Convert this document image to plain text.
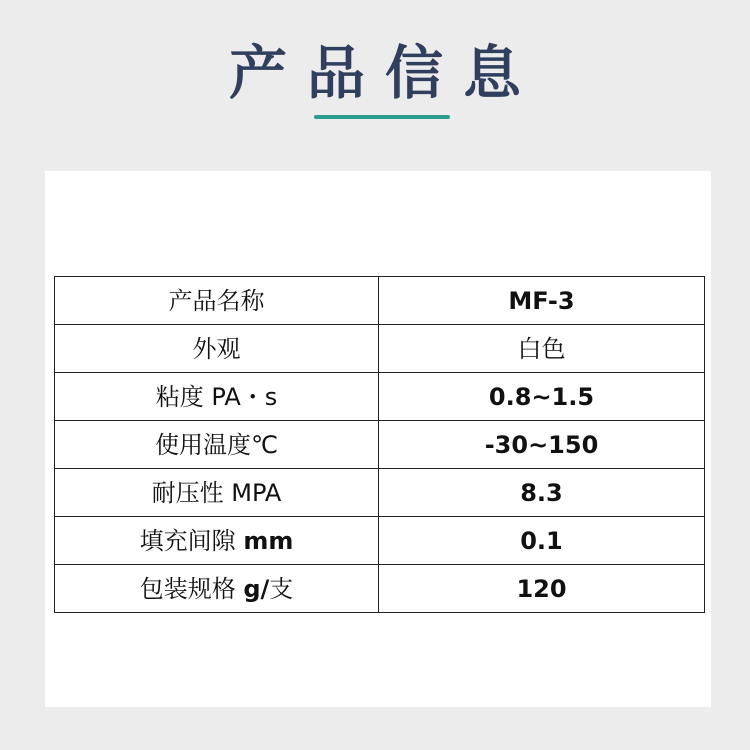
产品信息
产品名称	MF-3
外观	白色
粘度 PA・s	0.8~1.5
使用温度℃	-30~150
耐压性 MPA	8.3
填充间隙 mm	0.1
包装规格 g/支	120
